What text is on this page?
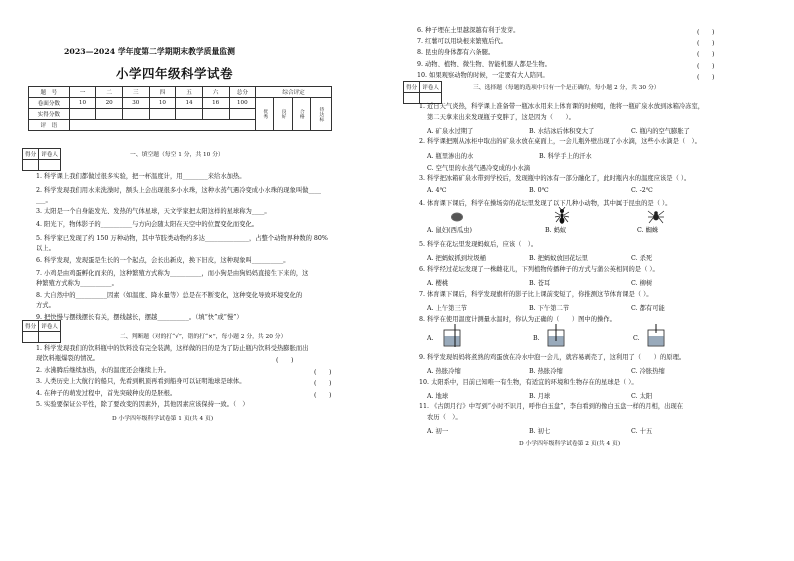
2023—2024 学年度第二学期期末教学质量监测
小学四年级科学试卷
题　号	一	二	三	四	五	六	总分	综合评定			
卷面分数	10	20	30	10	14	16	100	优秀	良好	合格	待达标
实得分数											
评　语											
得分	评卷人
		一、填空题（每空 1 分，共 10 分）
1. 科学课上我们都做过很多实验，把一杯温度计，用________来给水加热。
2. 科学发现我们用水来洗澡时，额头上会出现很多小水珠，这种水蒸气遇冷变成小水珠的现象叫做____
___。
3. 太阳是一个自身能发光、发热的气体星球，天文学家把太阳这样的星球称为____。
4. 阳光下，物体影子的__________与方向会随太阳在天空中的位置变化而变化。
5. 科学家已发现了约 150 万种动物，其中节肢类动物约多达______________，占整个动物界种数的 80%
以上。
6. 科学发现，发现蛋是生长的一个起点，会长出新皮，换下旧皮，这种现象叫__________。
7. 小鸡是由鸡蛋孵化而来的，这种繁殖方式称为__________，而小狗是由狗妈妈直接生下来的，这
种繁殖方式称为__________。
8. 大自然中的__________因素（如温度、降水量等）总是在不断变化，这种变化导致环境变化的
方式。
9. 把快慢与摆线摆长有关，摆线越长，摆越__________。（填“快”或“慢”）
得分	评卷人

二、判断题（对的打“√”，错的打“×”，每小题 2 分，共 20 分）
1. 科学发现我们的饮料瓶中的饮料没有完全装满，这样做的目的是为了防止瓶内饮料受热膨胀而出
现饮料瓶爆裂的情况。
2. 水沸腾后继续加热，水的温度还会继续上升。
3. 人类历史上大航行的船只，先看到帆顶再看到船身可以证明地球是球体。
4. 在种子的萌发过程中，首先突破种皮的是胚根。
5. 实验要保证公平性，除了要改变的因素外，其他因素应该保持一致。（　）
(　　)
(　　)
(　　)
(　　)
D 小学四年级科学试卷第 1 页(共 4 页)
6. 种子埋在土里越深越有利于发芽。
7. 红薯可以用块根来繁殖后代。
8. 昆虫的身体都有六条腿。
9. 动物、植物、微生物、智能机器人都是生物。
10. 如果观察动物的时候，一定要有大人陪同。
(　　)
(　　)
(　　)
(　　)
(　　)
得分	评卷人
		三、选择题（每题的选项中只有一个是正确的，每小题 2 分，共 30 分）
1. 近日天气炎热，科学课上准备带一瓶冰水用来上体育课的时候喝，他将一瓶矿泉水放到冰箱冷冻室，
第二天拿来出来发现瓶子变胖了，这是因为（　　）。
A. 矿泉水过期了	B. 水结冰后体积变大了	C. 瓶内的空气膨胀了
2. 科学课把刚从冰柜中取出的矿泉水放在桌面上，一会儿瓶外壁出现了小水滴，这些小水滴是（　）。
A. 瓶里渗出的水	B. 科学手上的汗水
C. 空气里的水蒸气遇冷变成的小水滴
3. 科学把冰箱矿泉水带到学校后，发现瓶中的冰有一部分融化了，此时瓶内水的温度应该是（ ）。
A. 4℃	B. 0℃	C. -2℃
4. 体育课下课后，科学在操场旁的花坛里发现了以下几种小动物，其中属于昆虫的是（ ）。
A. 鼠妇(西瓜虫)	B. 蚂蚁	C. 蜘蛛
5. 科学在花坛里发现蚂蚁后，应该（　）。
A. 把蚂蚁抓到垃圾桶	B. 把蚂蚁放回花坛里	C. 杀死
6. 科学经过花坛发现了一株雌花儿，下列植物传播种子的方式与蒲公英相同的是（ ）。
A. 樱桃	B. 苍耳	C. 柳树
7. 体育课下课后，科学发现旗杆的影子比上课前变短了，你推测这节体育课是（ ）。
A. 上午第三节	B. 下午第二节	C. 都有可能
8. 科学在使用温度计测量水温时，你认为正确的（　　）图中的操作。
A.	B.	C.
9. 科学发现妈妈将煮熟的鸡蛋放在冷水中泡一会儿，就容易剥壳了，这利用了（　　）的原理。
A. 热胀冷缩	B. 热胀冷缩	C. 冷胀热缩
10. 太阳系中，目前已知唯一有生物，有适宜的环境和生物存在的星球是（ ）。
A. 地球	B. 月球	C. 太阳
11. 《古朗月行》中写到“小时不识月，呼作白玉盘”，李白看到的像白玉盘一样的月相，出现在
农历（　）。
A. 初一	B. 初七	C. 十五
D 小学四年级科学试卷第 2 页(共 4 页)
